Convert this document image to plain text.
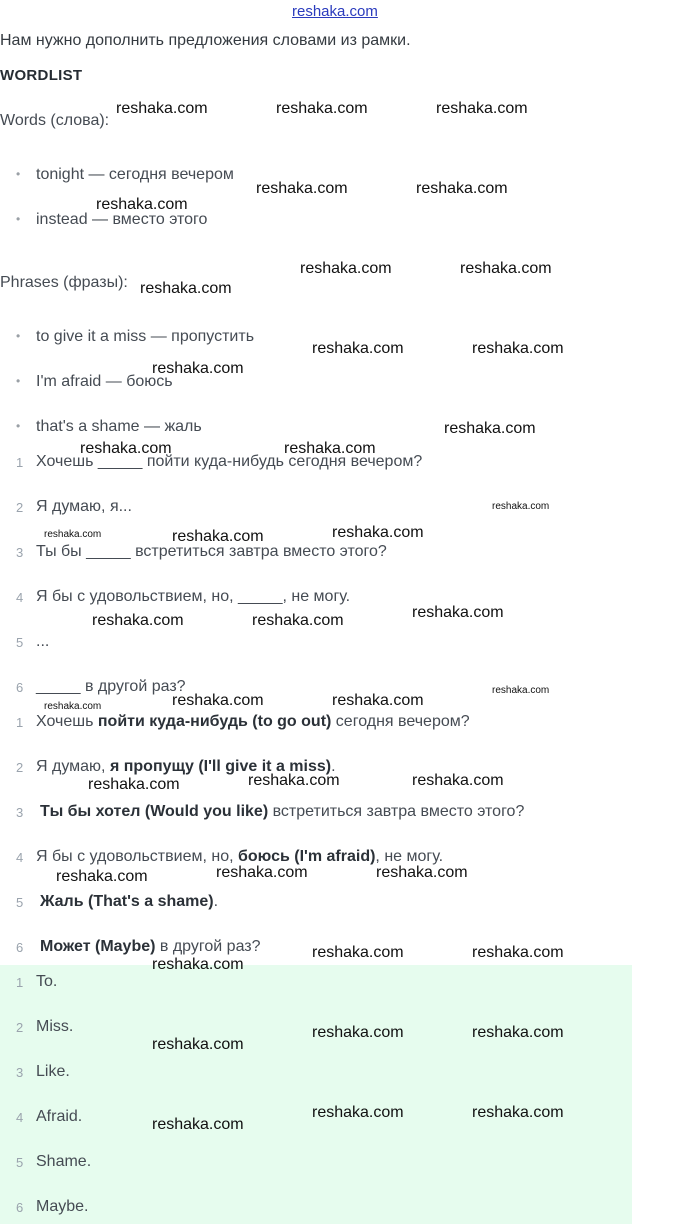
reshaka.com
Нам нужно дополнить предложения словами из рамки.
WORDLIST
Words (слова):
• tonight — сегодня вечером
• instead — вместо этого
Phrases (фразы):
• to give it a miss — пропустить
• I'm afraid — боюсь
• that's a shame — жаль
1 Хочешь _____ пойти куда-нибудь сегодня вечером?
2 Я думаю, я...
3 Ты бы _____ встретиться завтра вместо этого?
4 Я бы с удовольствием, но, _____, не могу.
5 ...
6 _____ в другой раз?
1 Хочешь пойти куда-нибудь (to go out) сегодня вечером?
2 Я думаю, я пропущу (I'll give it a miss).
3 Ты бы хотел (Would you like) встретиться завтра вместо этого?
4 Я бы с удовольствием, но, боюсь (I'm afraid), не могу.
5 Жаль (That's a shame).
6 Может (Maybe) в другой раз?
1 To.
2 Miss.
3 Like.
4 Afraid.
5 Shame.
6 Maybe.
reshaka.com	reshaka.com	reshaka.com
reshaka.com	reshaka.com
reshaka.com
reshaka.com	reshaka.com
reshaka.com
reshaka.com	reshaka.com
reshaka.com
reshaka.com
reshaka.com	reshaka.com
reshaka.com
reshaka.com	reshaka.com	reshaka.com
reshaka.com
reshaka.com	reshaka.com
reshaka.com
reshaka.com	reshaka.com	reshaka.com
reshaka.com	reshaka.com	reshaka.com
reshaka.com	reshaka.com	reshaka.com
reshaka.com	reshaka.com
reshaka.com
reshaka.com	reshaka.com
reshaka.com
reshaka.com	reshaka.com
reshaka.com
